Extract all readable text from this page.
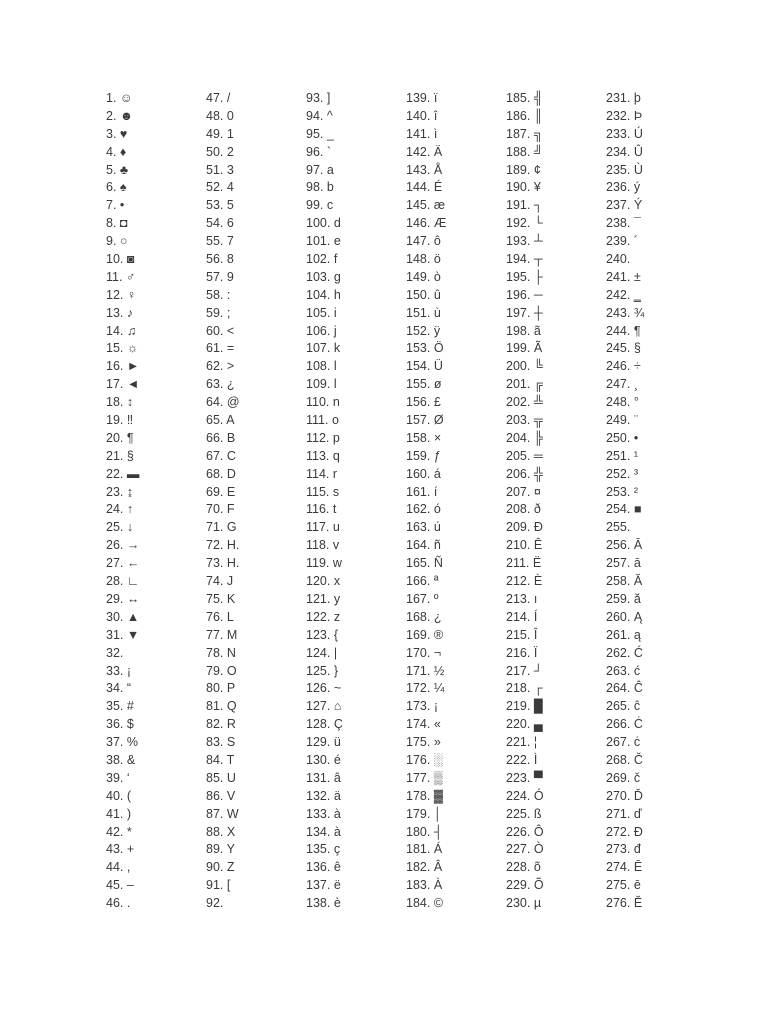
1. ☺
2. ☻
3. ♥
4. ♦
5. ♣
6. ♠
7. •
8. ◘
9. ○
10. ◙
11. ♂
12. ♀
13. ♪
14. ♫
15. ☼
16. ►
17. ◄
18. ↕
19. ‼
20. ¶
21. §
22. ▬
23. ↨
24. ↑
25. ↓
26. →
27. ←
28. ∟
29. ↔
30. ▲
31. ▼
32.
33. ¡
34. “
35. #
36. $
37. %
38. &
39. ‘
40. (
41. )
42. *
43. +
44. ,
45. –
46. .
47. /
48. 0
49. 1
50. 2
51. 3
52. 4
53. 5
54. 6
55. 7
56. 8
57. 9
58. :
59. ;
60. <
61. =
62. >
63. ¿
64. @
65. A
66. B
67. C
68. D
69. E
70. F
71. G
72. H.
73. H.
74. J
75. K
76. L
77. M
78. N
79. O
80. P
81. Q
82. R
83. S
84. T
85. U
86. V
87. W
88. X
89. Y
90. Z
91. [
92.
93. ]
94. ^
95. _
96. `
97. a
98. b
99. c
100. d
101. e
102. f
103. g
104. h
105. i
106. j
107. k
108. l
109. l
110. n
111. o
112. p
113. q
114. r
115. s
116. t
117. u
118. v
119. w
120. x
121. y
122. z
123. {
124. |
125. }
126. ~
127. ⌂
128. Ç
129. ü
130. é
131. â
132. ä
133. à
134. à
135. ç
136. ê
137. ë
138. è
139. ï
140. î
141. ì
142. Ä
143. Å
144. É
145. æ
146. Æ
147. ô
148. ö
149. ò
150. û
151. ù
152. ÿ
153. Ö
154. Ü
155. ø
156. £
157. Ø
158. ×
159. ƒ
160. á
161. í
162. ó
163. ú
164. ñ
165. Ñ
166. ª
167. º
168. ¿
169. ®
170. ¬
171. ½
172. ¼
173. ¡
174. «
175. »
176. ░
177. ▒
178. ▓
179. │
180. ┤
181. Á
182. Â
183. À
184. ©
185. ╣
186. ║
187. ╗
188. ╝
189. ¢
190. ¥
191. ┐
192. └
193. ┴
194. ┬
195. ├
196. ─
197. ┼
198. ã
199. Ã
200. ╚
201. ╔
202. ╩
203. ╦
204. ╠
205. ═
206. ╬
207. ¤
208. ð
209. Ð
210. Ê
211. Ë
212. È
213. ı
214. Í
215. Î
216. Ï
217. ┘
218. ┌
219. █
220. ▄
221. ¦
222. Ì
223. ▀
224. Ó
225. ß
226. Ô
227. Ò
228. õ
229. Õ
230. µ
231. þ
232. Þ
233. Ú
234. Û
235. Ù
236. ý
237. Ý
238. ¯
239. ´
240.
241. ±
242. ‗
243. ¾
244. ¶
245. §
246. ÷
247. ¸
248. °
249. ¨
250. •
251. ¹
252. ³
253. ²
254. ■
255.
256. Ā
257. ā
258. Ă
259. ă
260. Ą
261. ą
262. Ć
263. ć
264. Ĉ
265. ĉ
266. Ċ
267. ċ
268. Č
269. č
270. Ď
271. ď
272. Đ
273. đ
274. Ē
275. ē
276. Ĕ
